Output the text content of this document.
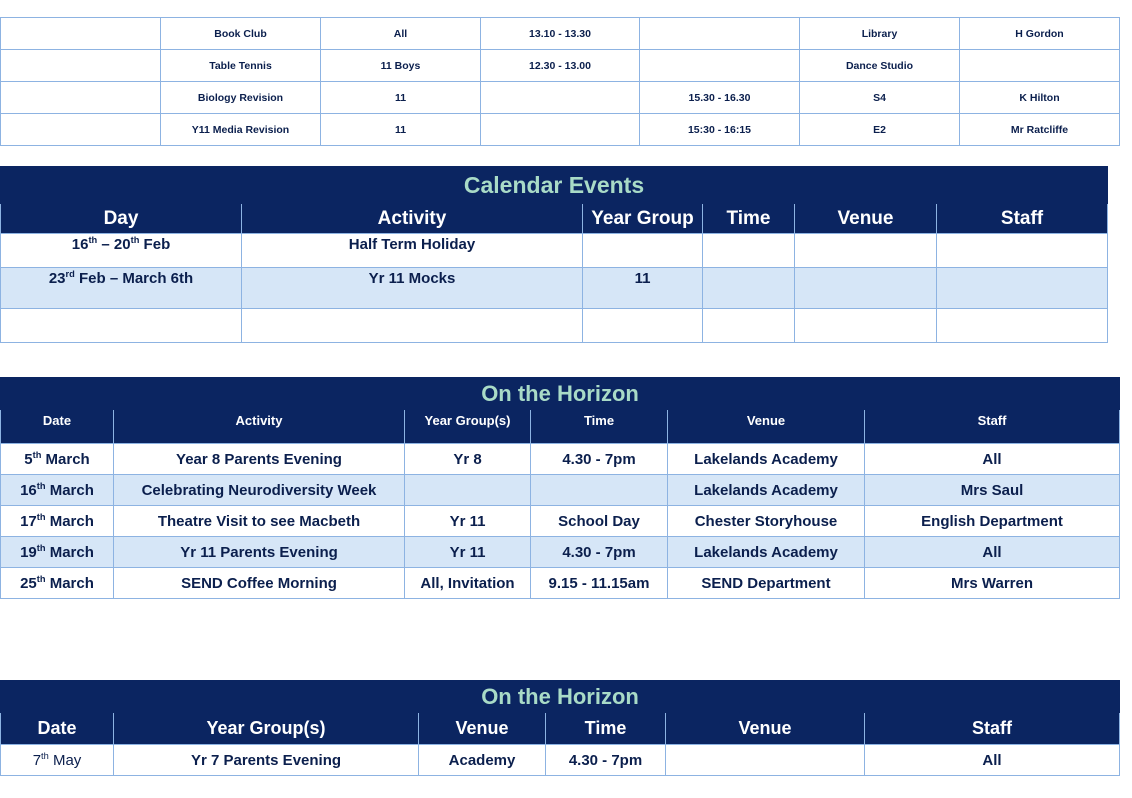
	Book Club	All	13.10 - 13.30		Library	H Gordon
	Table Tennis	11 Boys	12.30 - 13.00		Dance Studio	
	Biology Revision	11		15.30 - 16.30	S4	K Hilton
	Y11 Media Revision	11		15:30 - 16:15	E2	Mr Ratcliffe
Calendar Events					
Day	Activity	Year Group	Time	Venue	Staff
16th – 20th Feb	Half Term Holiday				
23rd Feb – March 6th	Yr 11 Mocks	11			

On the Horizon					
Date	Activity	Year Group(s)	Time	Venue	Staff
5th March	Year 8 Parents Evening	Yr 8	4.30 - 7pm	Lakelands Academy	All
16th March	Celebrating Neurodiversity Week			Lakelands Academy	Mrs Saul
17th March	Theatre Visit to see Macbeth	Yr 11	School Day	Chester Storyhouse	English Department
19th March	Yr 11 Parents Evening	Yr 11	4.30 - 7pm	Lakelands Academy	All
25th March	SEND Coffee Morning	All, Invitation	9.15 - 11.15am	SEND Department	Mrs Warren
On the Horizon					
Date	Year Group(s)	Venue	Time	Venue	Staff
7th May	Yr 7 Parents Evening	Academy	4.30 - 7pm		All
